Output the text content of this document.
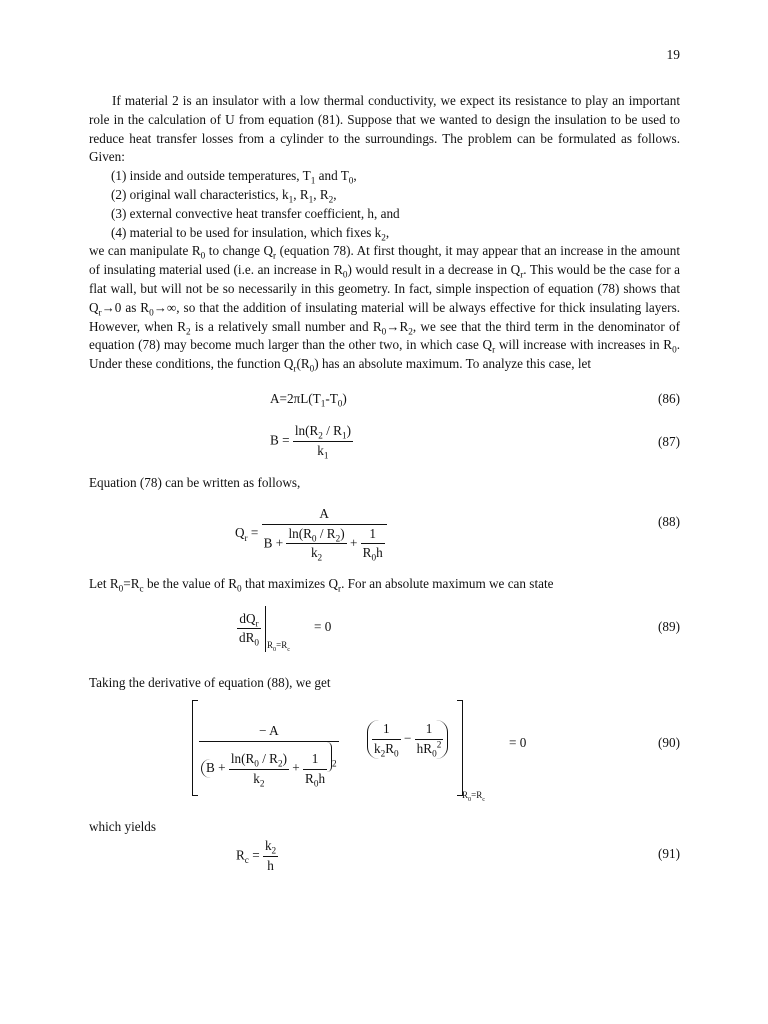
19

If material 2 is an insulator with a low thermal conductivity, we expect its resistance to play an important role in the calculation of U from equation (81). Suppose that we wanted to design the insulation to be used to reduce heat transfer losses from a cylinder to the surroundings. The problem can be formulated as follows. Given:

(1) inside and outside temperatures, $T_1$ and $T_0$,

(2) original wall characteristics, $k_1$, $R_1$, $R_2$,

(3) external convective heat transfer coefficient, h, and

(4) material to be used for insulation, which fixes $k_2$,

we can manipulate $R_0$ to change $Q_r$ (equation 78). At first thought, it may appear that an increase in the amount of insulating material used (i.e. an increase in $R_0$) would result in a decrease in $Q_r$. This would be the case for a flat wall, but will not be so necessarily in this geometry. In fact, simple inspection of equation (78) shows that $Q_r\to 0$ as $R_0\to\infty$, so that the addition of insulating material will be always effective for thick insulating layers. However, when $R_2$ is a relatively small number and $R_0\to R_2$, we see that the third term in the denominator of equation (78) may become much larger than the other two, in which case $Q_r$ will increase with increases in $R_0$. Under these conditions, the function $Q_r(R_0)$ has an absolute maximum. To analyze this case, let

$A=2\pi L(T_1-T_0)$	(86)
$B = \frac{\ln(R_2 / R_1)}{k_1}$	(87)

Equation (78) can be written as follows,

$Q_r = \frac{A}{B + \frac{\ln(R_0 / R_2)}{k_2} + \frac{1}{R_0h}}$	(88)

Let $R_0=R_c$ be the value of $R_0$ that maximizes $Q_r$. For an absolute maximum we can state

$\frac{dQ_r}{dR_0} R_0=R_c$
= 0	(89)

Taking the derivative of equation (88), we get

− A
$B + \frac{\ln(R_0 / R_2)}{k_2} + \frac{1}{R_0h} ^2$
$\frac{1}{k_2R_0} - \frac{1}{hR_0^2}$
$R_0=R_c$
= 0	(90)

which yields

$R_c = \frac{k_2}{h}$	(91)
